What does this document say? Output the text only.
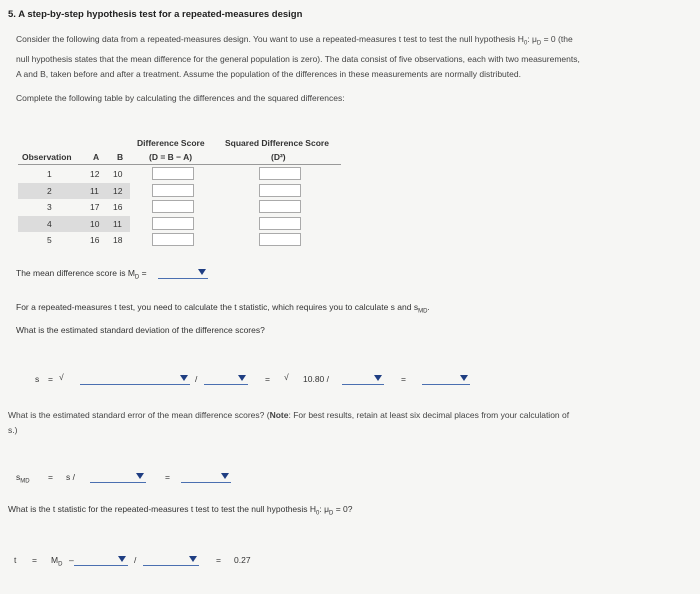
5. A step-by-step hypothesis test for a repeated-measures design
Consider the following data from a repeated-measures design. You want to use a repeated-measures t test to test the null hypothesis $H_0$: $\mu_D = 0$ (the
null hypothesis states that the mean difference for the general population is zero). The data consist of five observations, each with two measurements,
A and B, taken before and after a treatment. Assume the population of the differences in these measurements are normally distributed.
Complete the following table by calculating the differences and the squared differences:
Difference Score
(D = B − A)
Squared Difference Score
(D²)
Observation	A B
1	12 10
2	11 12
3	17 16
4	10 11
5	16 18
The mean difference score is $M_D$ =
For a repeated-measures t test, you need to calculate the t statistic, which requires you to calculate s and $s_{MD}$.
What is the estimated standard deviation of the difference scores?
s = √	/	= √ 10.80 /	=
What is the estimated standard error of the mean difference scores? (Note: For best results, retain at least six decimal places from your calculation of
s.)
$s_{MD} = s$ /	=
What is the t statistic for the repeated-measures t test to test the null hypothesis $H_0$: $\mu_D = 0$?
$t = M_D$ –	/	= 0.27
